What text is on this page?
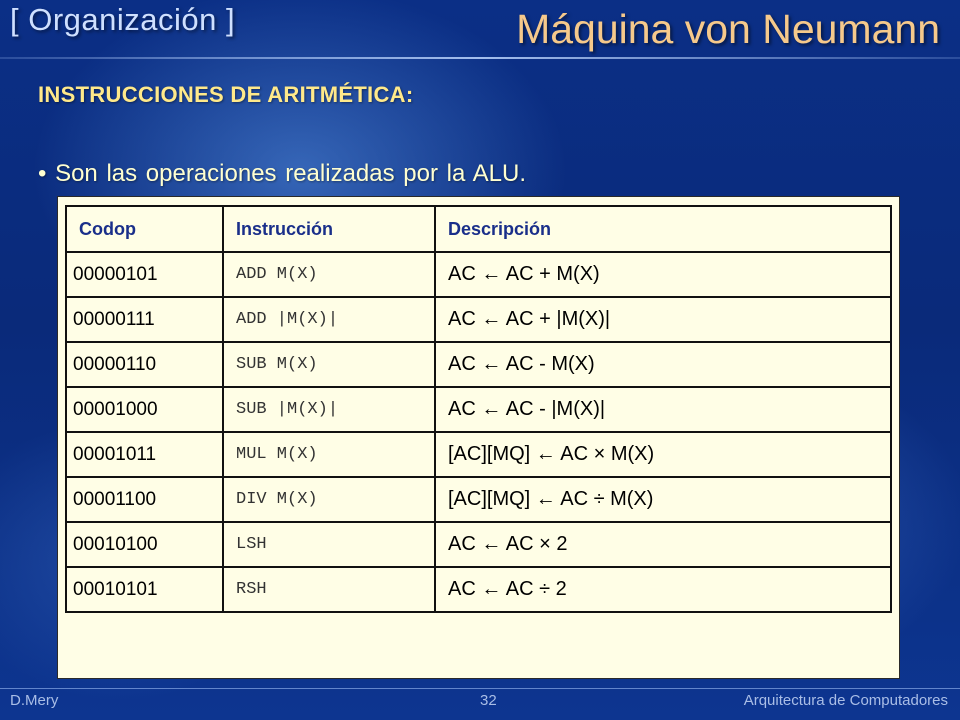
[ Organización ]	Máquina von Neumann
INSTRUCCIONES DE ARITMÉTICA:
• Son las operaciones realizadas por la ALU.
Codop	Instrucción	Descripción
00000101	ADD M(X)	AC ← AC + M(X)
00000111	ADD |M(X)|	AC ← AC + |M(X)|
00000110	SUB M(X)	AC ← AC - M(X)
00001000	SUB |M(X)|	AC ← AC - |M(X)|
00001011	MUL M(X)	[AC][MQ] ← AC × M(X)
00001100	DIV M(X)	[AC][MQ] ← AC ÷ M(X)
00010100	LSH	AC ← AC × 2
00010101	RSH	AC ← AC ÷ 2
D.Mery	32	Arquitectura de Computadores
